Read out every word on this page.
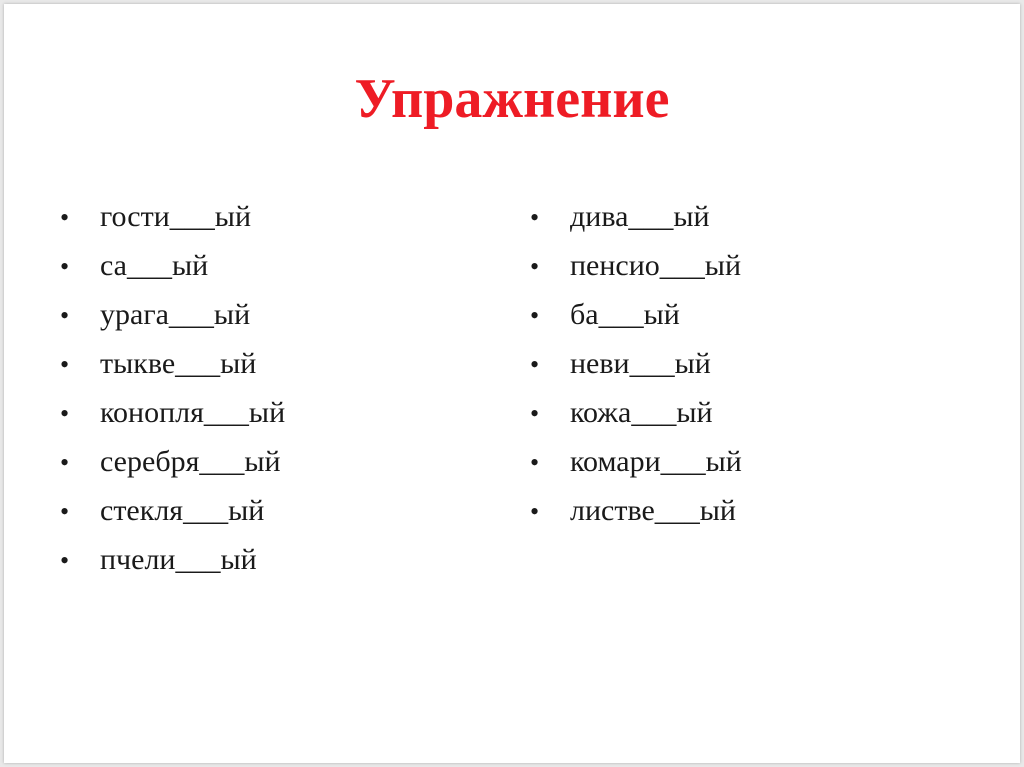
Упражнение
• гости___ый
• са___ый
• урага___ый
• тыкве___ый
• конопля___ый
• серебря___ый
• стекля___ый
• пчели___ый
• дива___ый
• пенсио___ый
• ба___ый
• неви___ый
• кожа___ый
• комари___ый
• листве___ый
